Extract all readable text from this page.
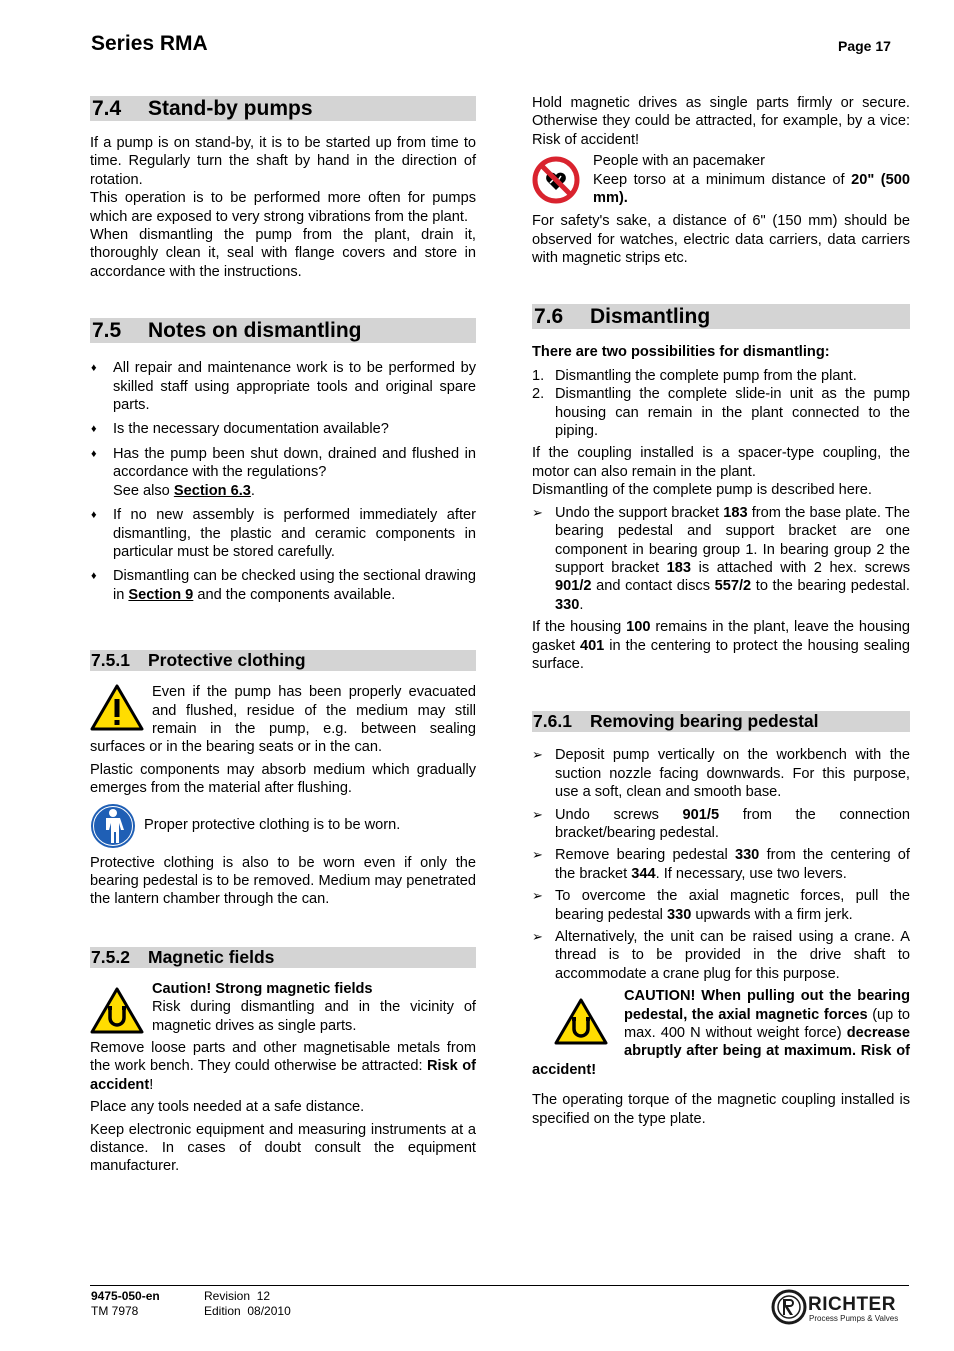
Series RMA	Page 17
7.4 Stand-by pumps

If a pump is on stand-by, it is to be started up from time to time. Regularly turn the shaft by hand in the direction of rotation.

This operation is to be performed more often for pumps which are exposed to very strong vibrations from the plant.

When dismantling the pump from the plant, drain it, thoroughly clean it, seal with flange covers and store in accordance with the instructions.

7.5 Notes on dismantling
♦ All repair and maintenance work is to be performed by skilled staff using appropriate tools and original spare parts.
♦ Is the necessary documentation available?
♦ Has the pump been shut down, drained and flushed in accordance with the regulations?
See also Section 6.3.
♦ If no new assembly is performed immediately after dismantling, the plastic and ceramic components in particular must be stored carefully.
♦ Dismantling can be checked using the sectional drawing in Section 9 and the components available.
7.5.1 Protective clothing

Even if the pump has been properly evacuated and flushed, residue of the medium may still remain in the pump, e.g. between sealing surfaces or in the bearing seats or in the can.

Plastic components may absorb medium which gradually emerges from the material after flushing.

Proper protective clothing is to be worn.

Protective clothing is also to be worn even if only the bearing pedestal is to be removed. Medium may penetrated the lantern chamber through the can.

7.5.2 Magnetic fields
Caution! Strong magnetic fields

Risk during dismantling and in the vicinity of magnetic drives as single parts.

Remove loose parts and other magnetisable metals from the work bench. They could otherwise be attracted: Risk of accident!

Place any tools needed at a safe distance.

Keep electronic equipment and measuring instruments at a distance. In cases of doubt consult the equipment manufacturer.

Hold magnetic drives as single parts firmly or secure. Otherwise they could be attracted, for example, by a vice: Risk of accident!

People with an pacemaker

Keep torso at a minimum distance of 20" (500 mm).

For safety's sake, a distance of 6" (150 mm) should be observed for watches, electric data carriers, data carriers with magnetic strips etc.

7.6 Dismantling
There are two possibilities for dismantling:
1. Dismantling the complete pump from the plant.
2. Dismantling the complete slide-in unit as the pump housing can remain in the plant connected to the piping.

If the coupling installed is a spacer-type coupling, the motor can also remain in the plant.

Dismantling of the complete pump is described here.

➢ Undo the support bracket 183 from the base plate. The bearing pedestal and support bracket are one component in bearing group 1. In bearing group 2 the support bracket 183 is attached with 2 hex. screws 901/2 and contact discs 557/2 to the bearing pedestal. 330.

If the housing 100 remains in the plant, leave the housing gasket 401 in the centering to protect the housing sealing surface.

7.6.1 Removing bearing pedestal
➢ Deposit pump vertically on the workbench with the suction nozzle facing downwards. For this purpose, use a soft, clean and smooth base.
➢ Undo screws 901/5 from the connection bracket/bearing pedestal.
➢ Remove bearing pedestal 330 from the centering of the bracket 344. If necessary, use two levers.
➢ To overcome the axial magnetic forces, pull the bearing pedestal 330 upwards with a firm jerk.
➢ Alternatively, the unit can be raised using a crane. A thread is to be provided in the drive shaft to accommodate a crane plug for this purpose.

CAUTION! When pulling out the bearing pedestal, the axial magnetic forces (up to max. 400 N without weight force) decrease abruptly after being at maximum. Risk of accident!

The operating torque of the magnetic coupling installed is specified on the type plate.

9475-050-en
TM 7978
Revision 12
Edition 08/2010	RICHTER
Process Pumps & Valves
